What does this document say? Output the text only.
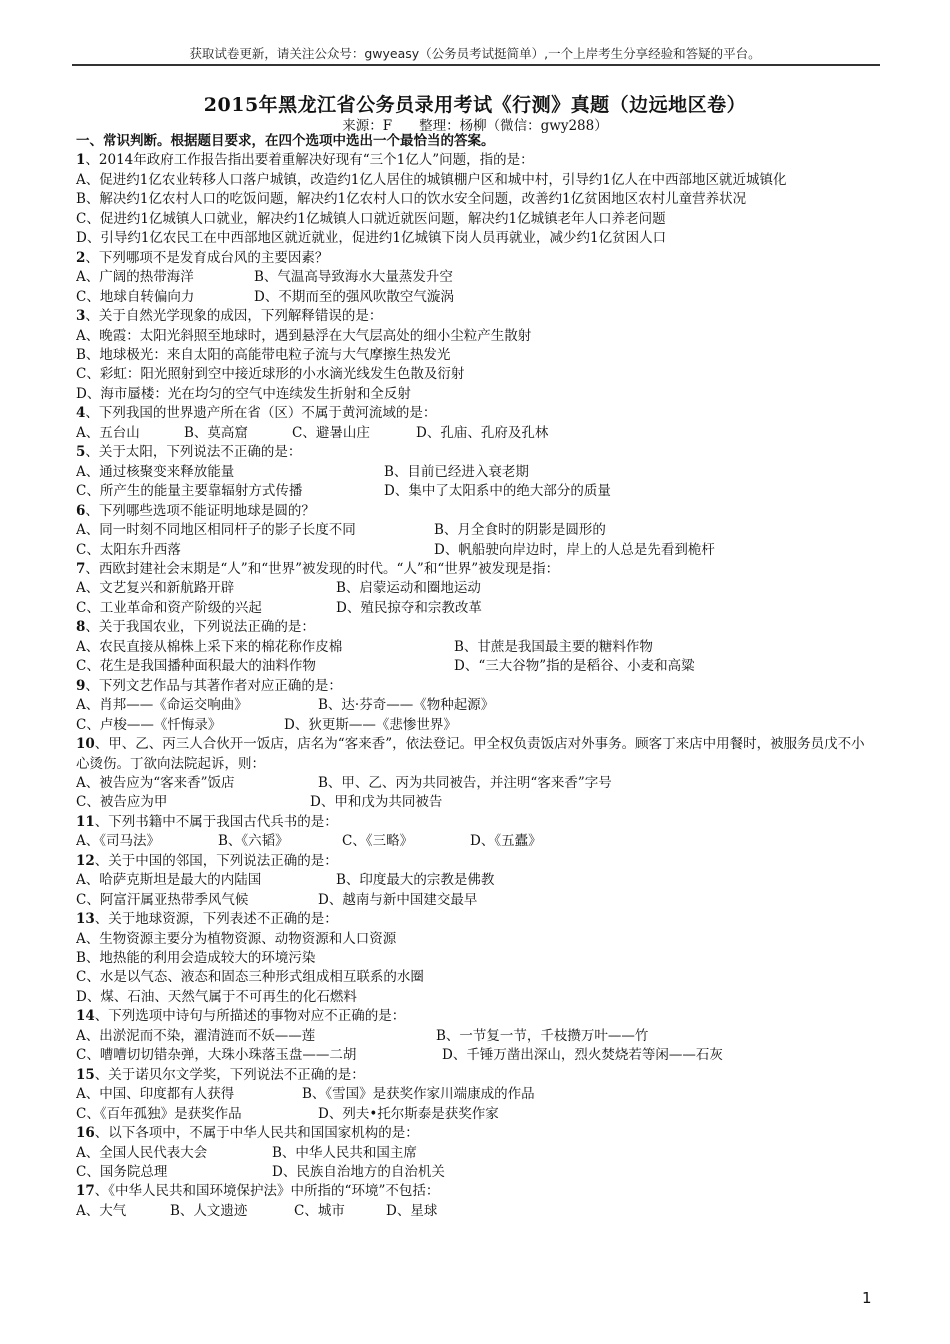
获取试卷更新，请关注公众号：gwyeasy（公务员考试挺简单）,一个上岸考生分享经验和答疑的平台。
2015年黑龙江省公务员录用考试《行测》真题（边远地区卷）
来源：F　　整理：杨柳（微信：gwy288）
一、常识判断。根据题目要求，在四个选项中选出一个最恰当的答案。
1、2014年政府工作报告指出要着重解决好现有“三个1亿人”问题，指的是：
A、促进约1亿农业转移人口落户城镇，改造约1亿人居住的城镇棚户区和城中村，引导约1亿人在中西部地区就近城镇化
B、解决约1亿农村人口的吃饭问题，解决约1亿农村人口的饮水安全问题，改善约1亿贫困地区农村儿童营养状况
C、促进约1亿城镇人口就业，解决约1亿城镇人口就近就医问题，解决约1亿城镇老年人口养老问题
D、引导约1亿农民工在中西部地区就近就业，促进约1亿城镇下岗人员再就业，减少约1亿贫困人口
2、下列哪项不是发育成台风的主要因素？
A、广阔的热带海洋	B、气温高导致海水大量蒸发升空
C、地球自转偏向力	D、不期而至的强风吹散空气漩涡
3、关于自然光学现象的成因，下列解释错误的是：
A、晚霞：太阳光斜照至地球时，遇到悬浮在大气层高处的细小尘粒产生散射
B、地球极光：来自太阳的高能带电粒子流与大气摩擦生热发光
C、彩虹：阳光照射到空中接近球形的小水滴光线发生色散及衍射
D、海市蜃楼：光在均匀的空气中连续发生折射和全反射
4、下列我国的世界遗产所在省（区）不属于黄河流域的是：
A、五台山	B、莫高窟	C、避暑山庄	D、孔庙、孔府及孔林
5、关于太阳，下列说法不正确的是：
A、通过核聚变来释放能量	B、目前已经进入衰老期
C、所产生的能量主要靠辐射方式传播	D、集中了太阳系中的绝大部分的质量
6、下列哪些选项不能证明地球是圆的？
A、同一时刻不同地区相同杆子的影子长度不同	B、月全食时的阴影是圆形的
C、太阳东升西落	D、帆船驶向岸边时，岸上的人总是先看到桅杆
7、西欧封建社会末期是“人”和“世界”被发现的时代。“人”和“世界”被发现是指：
A、文艺复兴和新航路开辟	B、启蒙运动和圈地运动
C、工业革命和资产阶级的兴起	D、殖民掠夺和宗教改革
8、关于我国农业，下列说法正确的是：
A、农民直接从棉株上采下来的棉花称作皮棉	B、甘蔗是我国最主要的糖料作物
C、花生是我国播种面积最大的油料作物	D、“三大谷物”指的是稻谷、小麦和高粱
9、下列文艺作品与其著作者对应正确的是：
A、肖邦——《命运交响曲》	B、达·芬奇——《物种起源》
C、卢梭——《忏悔录》	D、狄更斯——《悲惨世界》
10、甲、乙、丙三人合伙开一饭店，店名为“客来香”，依法登记。甲全权负责饭店对外事务。顾客丁来店中用餐时，被服务员戊不小心烫伤。丁欲向法院起诉，则：
A、被告应为“客来香”饭店	B、甲、乙、丙为共同被告，并注明“客来香”字号
C、被告应为甲	D、甲和戊为共同被告
11、下列书籍中不属于我国古代兵书的是：
A、《司马法》	B、《六韬》	C、《三略》	D、《五蠹》
12、关于中国的邻国，下列说法正确的是：
A、哈萨克斯坦是最大的内陆国	B、印度最大的宗教是佛教
C、阿富汗属亚热带季风气候	D、越南与新中国建交最早
13、关于地球资源，下列表述不正确的是：
A、生物资源主要分为植物资源、动物资源和人口资源
B、地热能的利用会造成较大的环境污染
C、水是以气态、液态和固态三种形式组成相互联系的水圈
D、煤、石油、天然气属于不可再生的化石燃料
14、下列选项中诗句与所描述的事物对应不正确的是：
A、出淤泥而不染，濯清涟而不妖——莲	B、一节复一节，千枝攒万叶——竹
C、嘈嘈切切错杂弹，大珠小珠落玉盘——二胡	D、千锤万凿出深山，烈火焚烧若等闲——石灰
15、关于诺贝尔文学奖，下列说法不正确的是：
A、中国、印度都有人获得	B、《雪国》是获奖作家川端康成的作品
C、《百年孤独》是获奖作品	D、列夫•托尔斯泰是获奖作家
16、以下各项中，不属于中华人民共和国国家机构的是：
A、全国人民代表大会	B、中华人民共和国主席
C、国务院总理	D、民族自治地方的自治机关
17、《中华人民共和国环境保护法》中所指的“环境”不包括：
A、大气	B、人文遗迹	C、城市	D、星球
1
